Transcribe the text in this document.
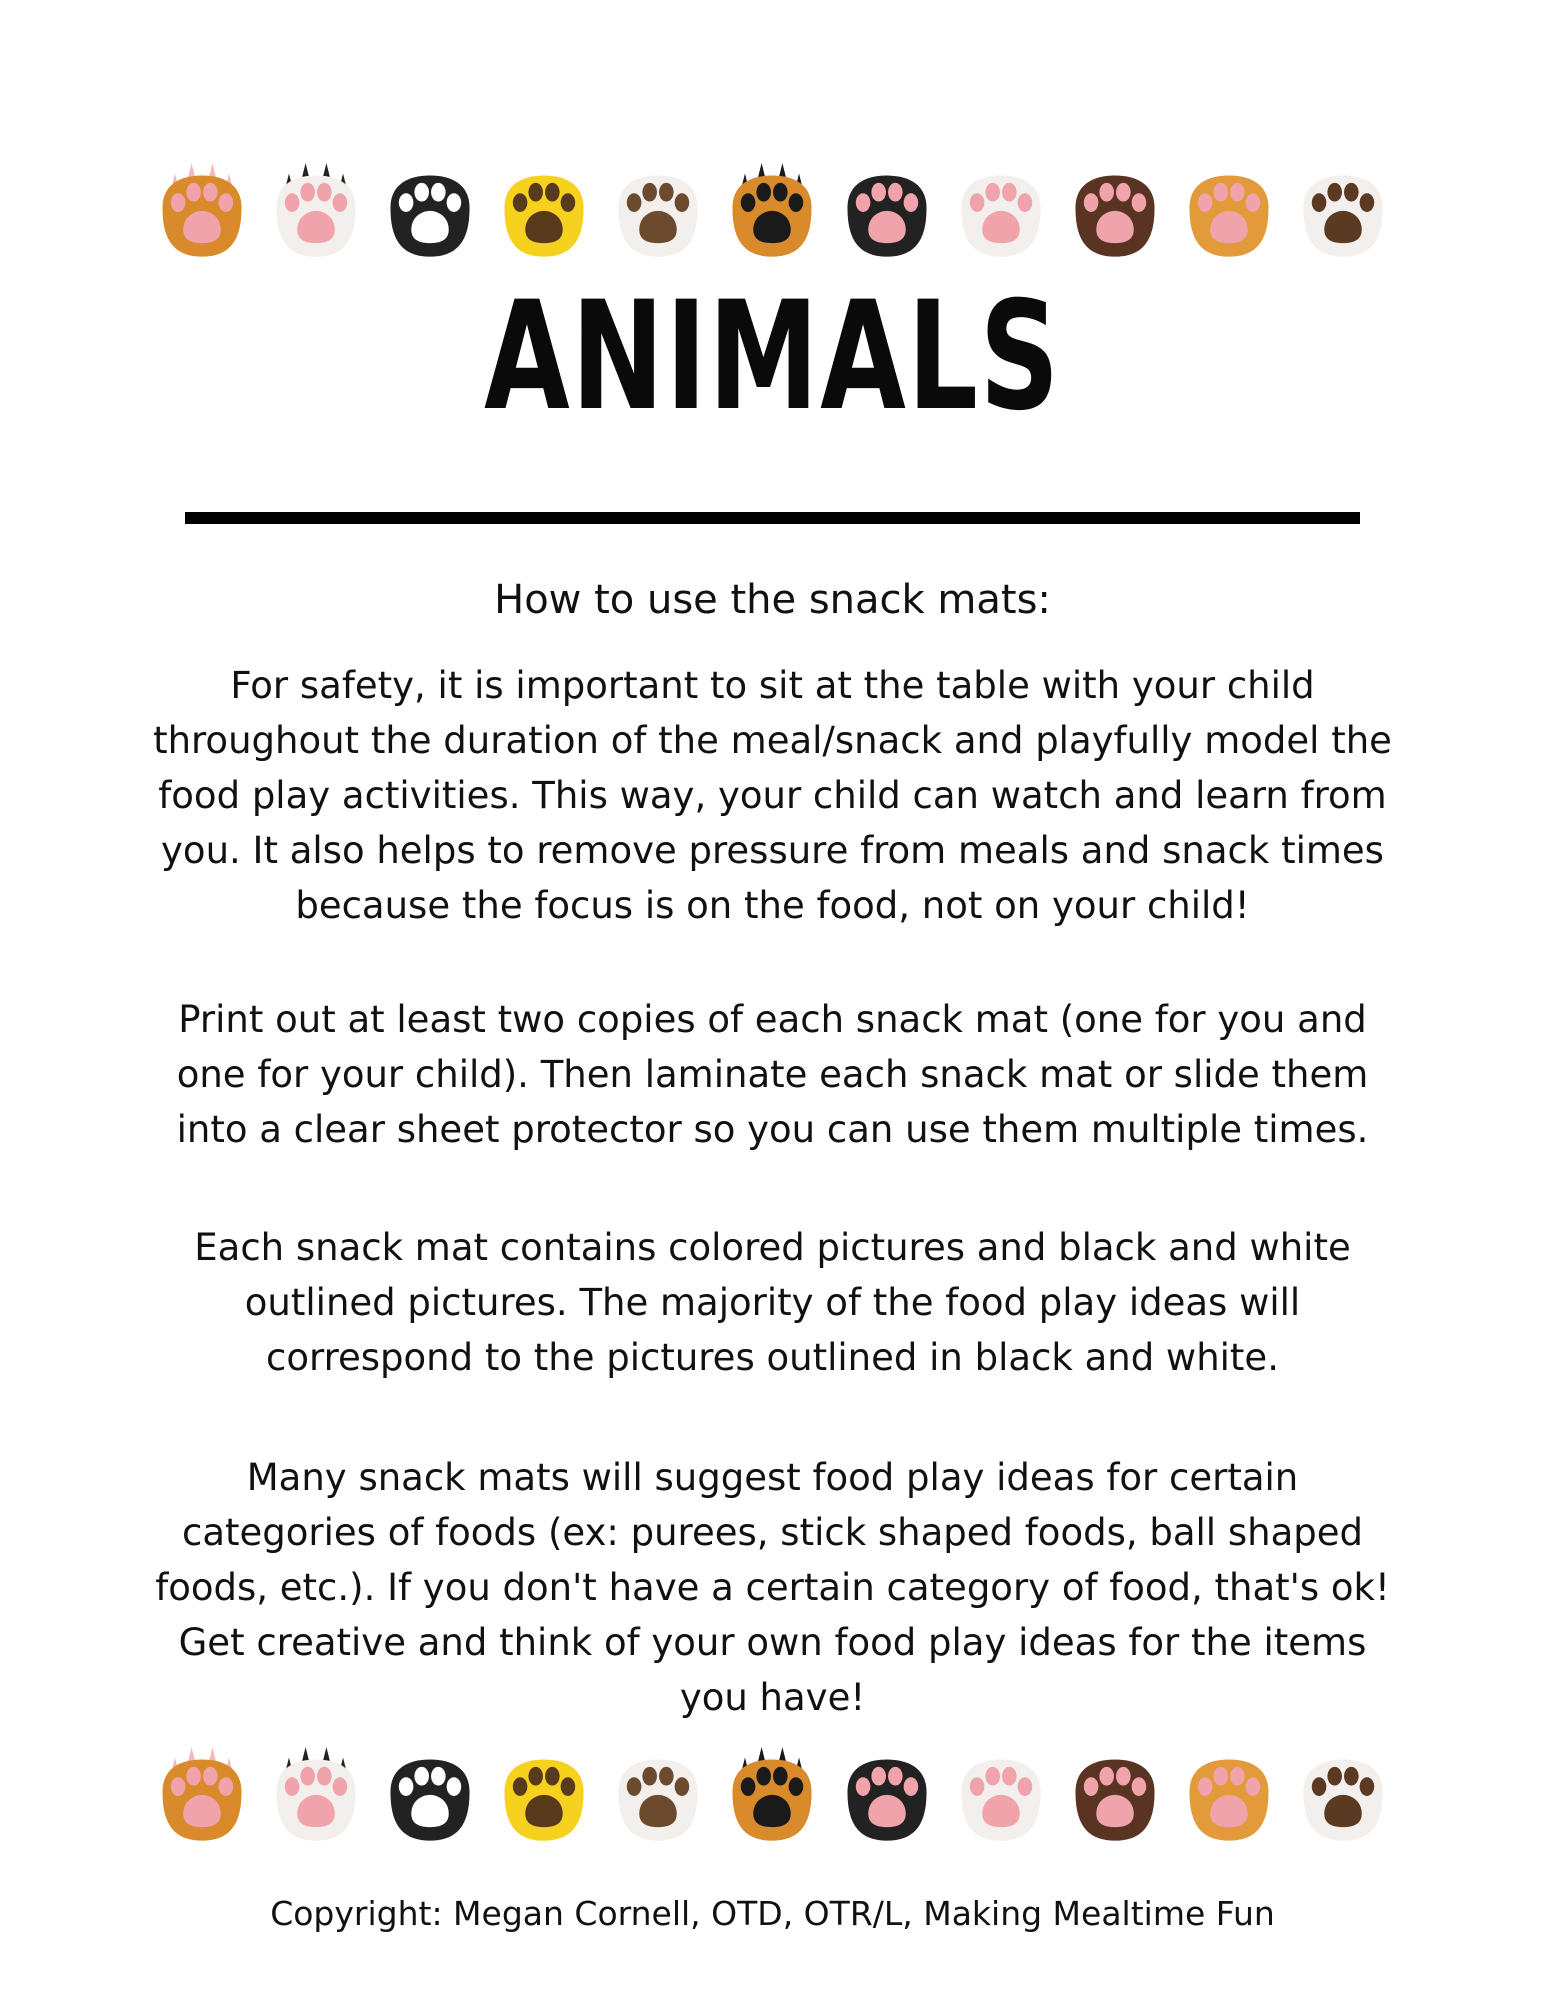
ANIMALS
How to use the snack mats:

For safety, it is important to sit at the table with your child throughout the duration of the meal/snack and playfully model the food play activities. This way, your child can watch and learn from you. It also helps to remove pressure from meals and snack times because the focus is on the food, not on your child!

Print out at least two copies of each snack mat (one for you and one for your child). Then laminate each snack mat or slide them into a clear sheet protector so you can use them multiple times.

Each snack mat contains colored pictures and black and white outlined pictures. The majority of the food play ideas will correspond to the pictures outlined in black and white.

Many snack mats will suggest food play ideas for certain categories of foods (ex: purees, stick shaped foods, ball shaped foods, etc.). If you don't have a certain category of food, that's ok! Get creative and think of your own food play ideas for the items you have!

Copyright: Megan Cornell, OTD, OTR/L, Making Mealtime Fun
